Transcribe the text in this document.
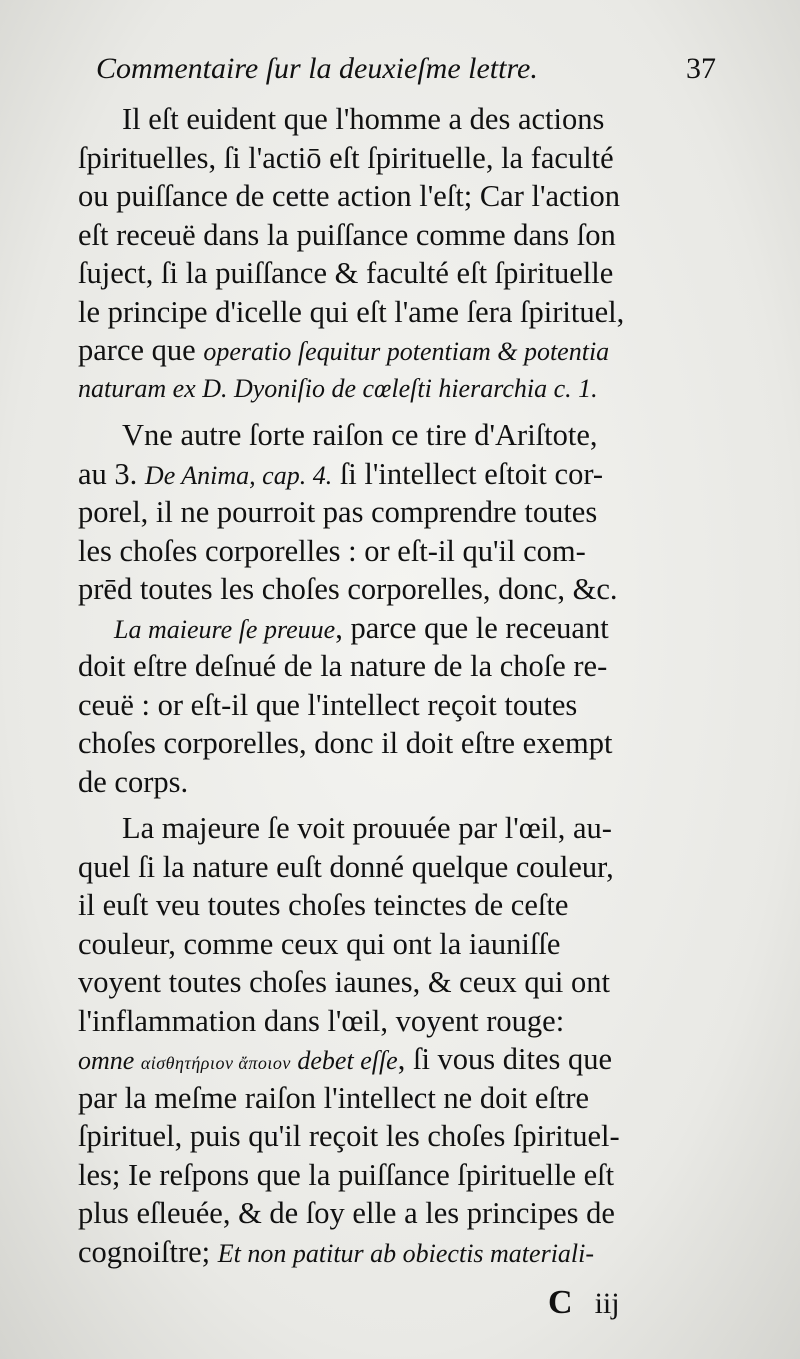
Commentaire ſur la deuxieſme lettre.	37
Il eſt euident que l'homme a des actions
ſpirituelles, ſi l'actiō eſt ſpirituelle, la faculté
ou puiſſance de cette action l'eſt; Car l'action
eſt receuë dans la puiſſance comme dans ſon
ſuject, ſi la puiſſance & faculté eſt ſpirituelle
le principe d'icelle qui eſt l'ame ſera ſpirituel,
parce que operatio ſequitur potentiam & potentia
naturam ex D. Dyoniſio de cœleſti hierarchia c. 1.
Vne autre ſorte raiſon ce tire d'Ariſtote,
au 3. De Anima, cap. 4. ſi l'intellect eſtoit cor-
porel, il ne pourroit pas comprendre toutes
les choſes corporelles : or eſt-il qu'il com-
prēd toutes les choſes corporelles, donc, &c.
La maieure ſe preuue, parce que le receuant
doit eſtre deſnué de la nature de la choſe re-
ceuë : or eſt-il que l'intellect reçoit toutes
choſes corporelles, donc il doit eſtre exempt
de corps.
La majeure ſe voit prouuée par l'œil, au-
quel ſi la nature euſt donné quelque couleur,
il euſt veu toutes choſes teinctes de ceſte
couleur, comme ceux qui ont la iauniſſe
voyent toutes choſes iaunes, & ceux qui ont
l'inflammation dans l'œil, voyent rouge:
omne αἰσθητήριον ἄποιον debet eſſe, ſi vous dites que
par la meſme raiſon l'intellect ne doit eſtre
ſpirituel, puis qu'il reçoit les choſes ſpirituel-
les; Ie reſpons que la puiſſance ſpirituelle eſt
plus eſleuée, & de ſoy elle a les principes de
cognoiſtre; Et non patitur ab obiectis materiali-
C iij
